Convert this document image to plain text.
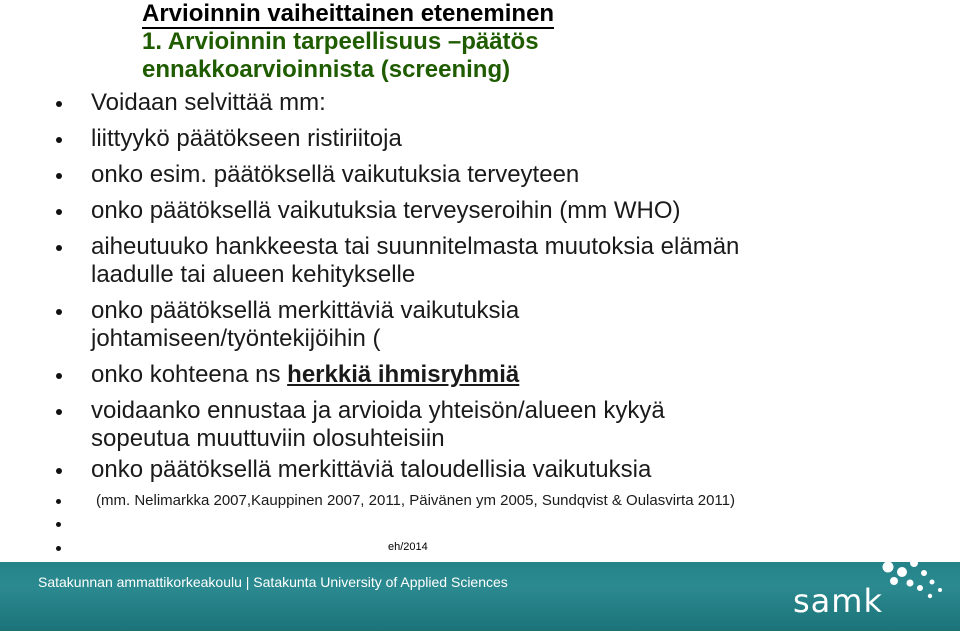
Arvioinnin vaiheittainen eteneminen

1. Arvioinnin tarpeellisuus –päätös

ennakkoarvioinnista (screening)

Voidaan selvittää mm:
liittyykö päätökseen ristiriitoja
onko esim. päätöksellä vaikutuksia terveyteen
onko päätöksellä vaikutuksia terveyseroihin (mm WHO)
aiheutuuko hankkeesta tai suunnitelmasta muutoksia elämän
laadulle tai alueen kehitykselle
onko päätöksellä merkittäviä vaikutuksia
johtamiseen/työntekijöihin (
onko kohteena ns herkkiä ihmisryhmiä
voidaanko ennustaa ja arvioida yhteisön/alueen kykyä
sopeutua muuttuviin olosuhteisiin
onko päätöksellä merkittäviä taloudellisia vaikutuksia
(mm. Nelimarkka 2007,Kauppinen 2007, 2011, Päivänen ym 2005, Sundqvist & Oulasvirta 2011)
eh/2014
Satakunnan ammattikorkeakoulu | Satakunta University of Applied Sciences	samk
